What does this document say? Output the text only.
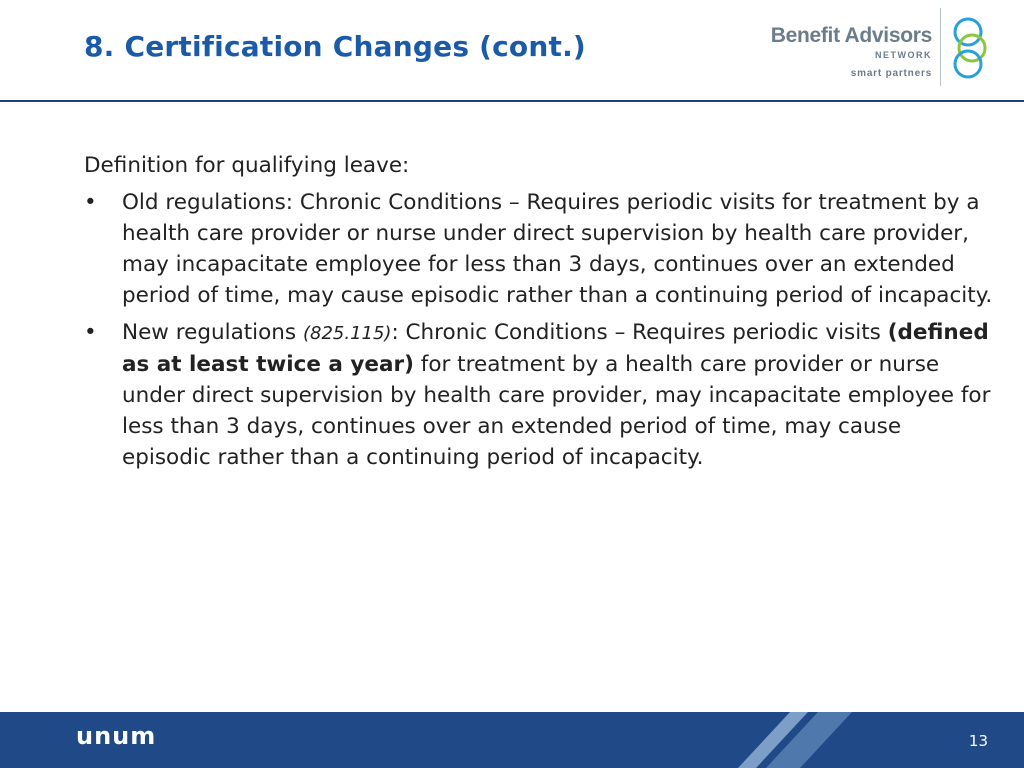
8. Certification Changes (cont.)	Benefit Advisors
NETWORK
smart partners

Definition for qualifying leave:

• Old regulations: Chronic Conditions – Requires periodic visits for treatment by a health care provider or nurse under direct supervision by health care provider, may incapacitate employee for less than 3 days, continues over an extended period of time, may cause episodic rather than a continuing period of incapacity.
• New regulations (825.115): Chronic Conditions – Requires periodic visits (defined as at least twice a year) for treatment by a health care provider or nurse under direct supervision by health care provider, may incapacitate employee for less than 3 days, continues over an extended period of time, may cause episodic rather than a continuing period of incapacity.
unum	13
